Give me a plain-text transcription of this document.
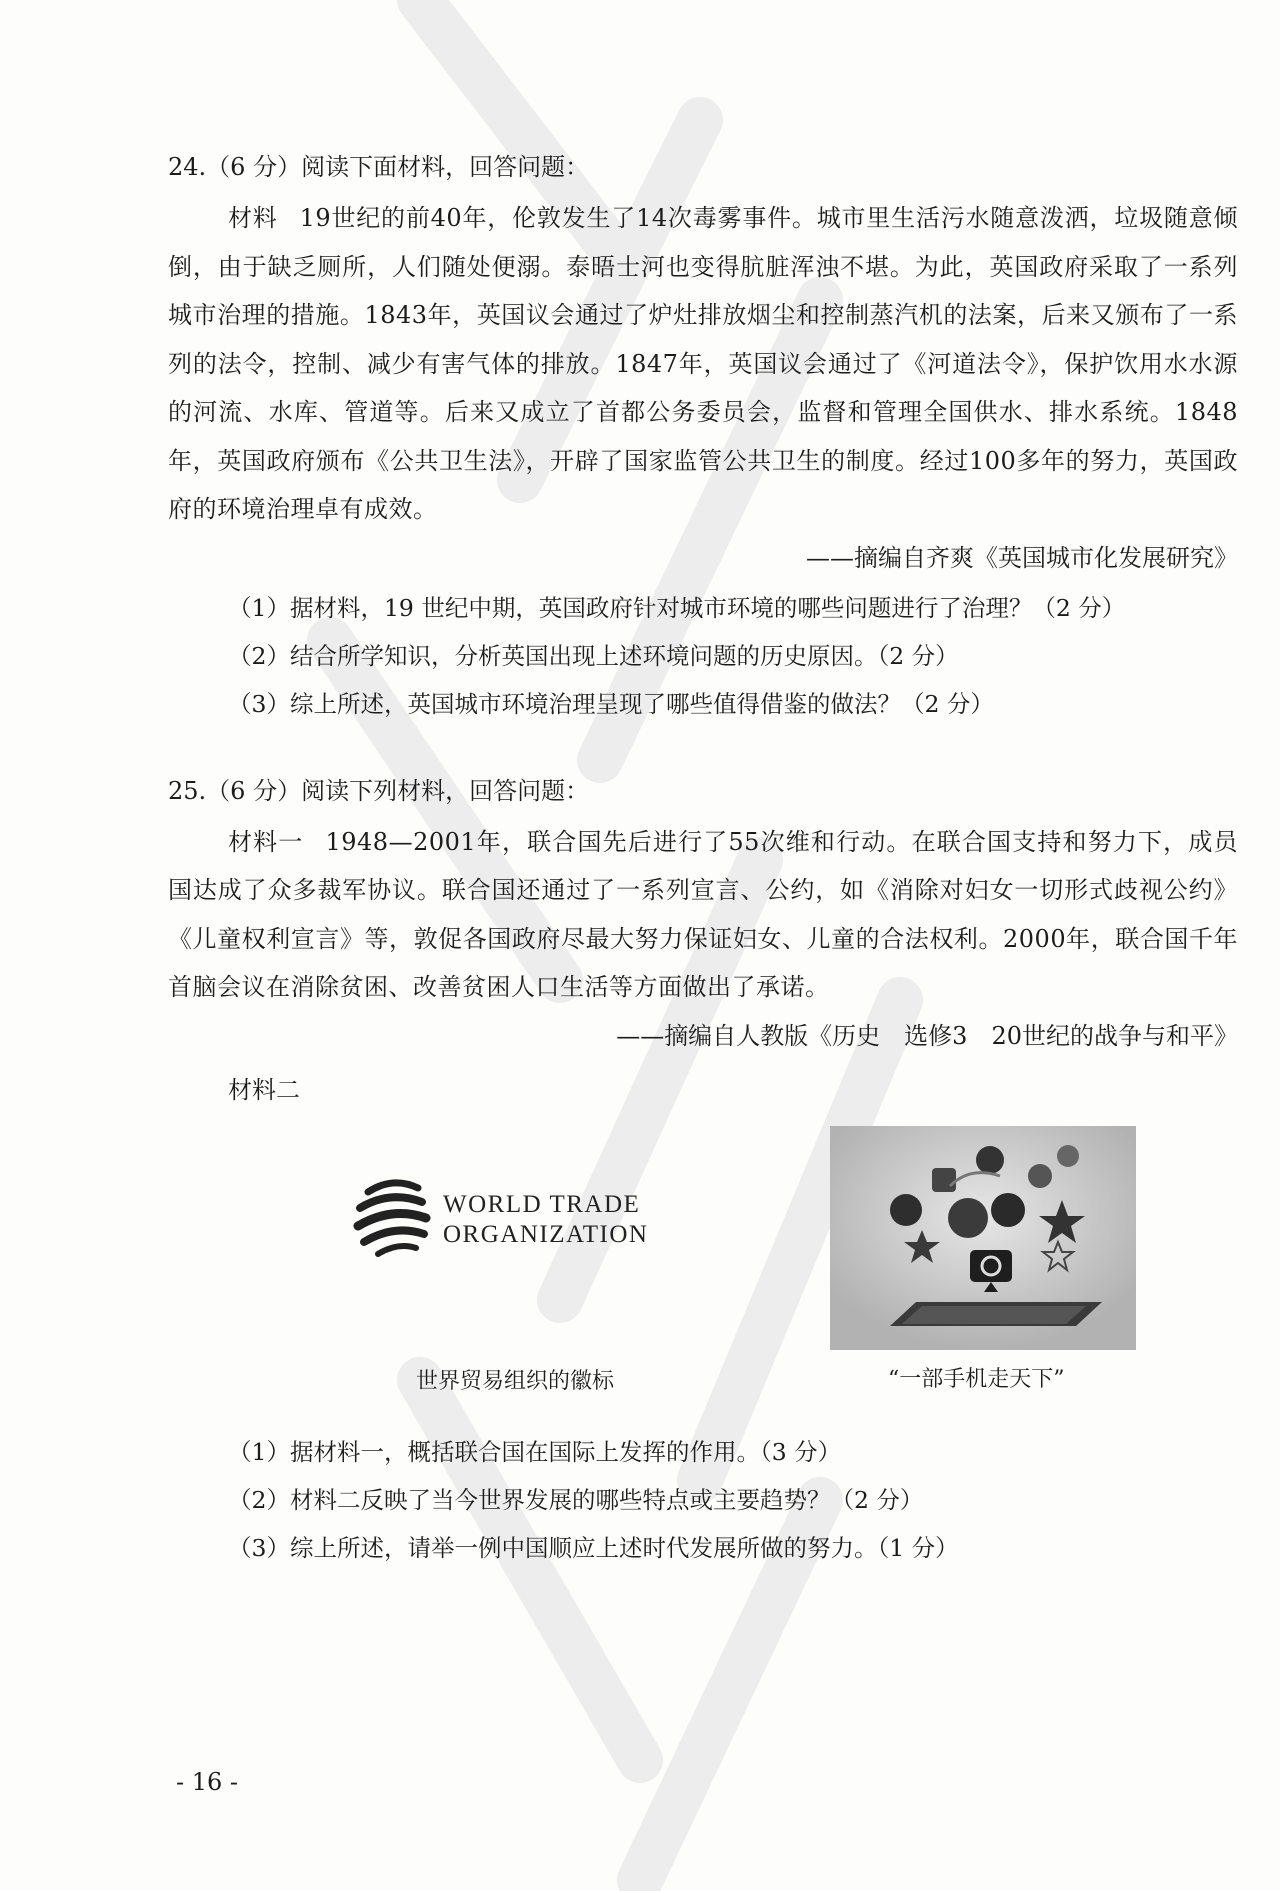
24.（6 分）阅读下面材料，回答问题：

材料 19世纪的前40年，伦敦发生了14次毒雾事件。城市里生活污水随意泼洒，垃圾随意倾倒，由于缺乏厕所，人们随处便溺。泰晤士河也变得肮脏浑浊不堪。为此，英国政府采取了一系列城市治理的措施。1843年，英国议会通过了炉灶排放烟尘和控制蒸汽机的法案，后来又颁布了一系列的法令，控制、减少有害气体的排放。1847年，英国议会通过了《河道法令》，保护饮用水水源的河流、水库、管道等。后来又成立了首都公务委员会，监督和管理全国供水、排水系统。1848年，英国政府颁布《公共卫生法》，开辟了国家监管公共卫生的制度。经过100多年的努力，英国政府的环境治理卓有成效。

——摘编自齐爽《英国城市化发展研究》

（1）据材料，19 世纪中期，英国政府针对城市环境的哪些问题进行了治理？（2 分）

（2）结合所学知识，分析英国出现上述环境问题的历史原因。（2 分）

（3）综上所述，英国城市环境治理呈现了哪些值得借鉴的做法？（2 分）

25.（6 分）阅读下列材料，回答问题：

材料一 1948—2001年，联合国先后进行了55次维和行动。在联合国支持和努力下，成员国达成了众多裁军协议。联合国还通过了一系列宣言、公约，如《消除对妇女一切形式歧视公约》《儿童权利宣言》等，敦促各国政府尽最大努力保证妇女、儿童的合法权利。2000年，联合国千年首脑会议在消除贫困、改善贫困人口生活等方面做出了承诺。

——摘编自人教版《历史　选修3　20世纪的战争与和平》

材料二

WORLD TRADE
ORGANIZATION
世界贸易组织的徽标	“一部手机走天下”

（1）据材料一，概括联合国在国际上发挥的作用。（3 分）

（2）材料二反映了当今世界发展的哪些特点或主要趋势？（2 分）

（3）综上所述，请举一例中国顺应上述时代发展所做的努力。（1 分）

- 16 -
